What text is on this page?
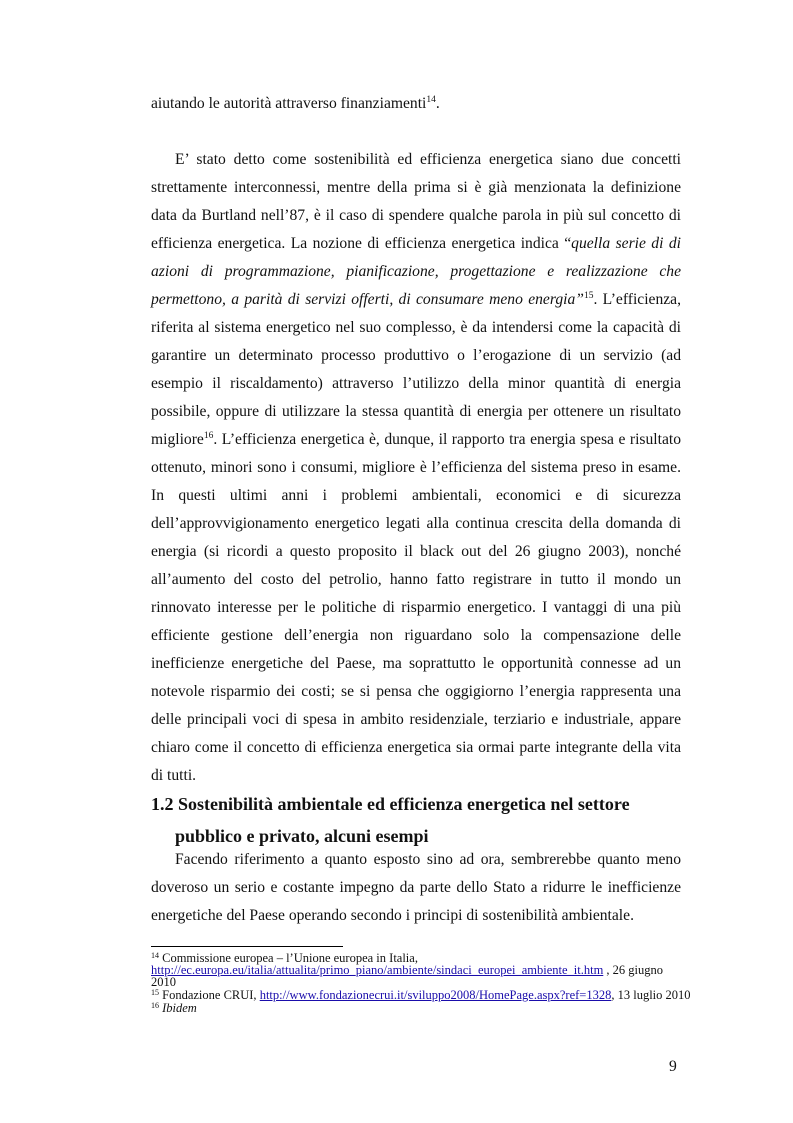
aiutando le autorità attraverso finanziamenti$^{14}$.

E’ stato detto come sostenibilità ed efficienza energetica siano due concetti strettamente interconnessi, mentre della prima si è già menzionata la definizione data da Burtland nell’87, è il caso di spendere qualche parola in più sul concetto di efficienza energetica. La nozione di efficienza energetica indica “quella serie di di azioni di programmazione, pianificazione, progettazione e realizzazione che permettono, a parità di servizi offerti, di consumare meno energia”$^{15}$. L’efficienza, riferita al sistema energetico nel suo complesso, è da intendersi come la capacità di garantire un determinato processo produttivo o l’erogazione di un servizio (ad esempio il riscaldamento) attraverso l’utilizzo della minor quantità di energia possibile, oppure di utilizzare la stessa quantità di energia per ottenere un risultato migliore$^{16}$. L’efficienza energetica è, dunque, il rapporto tra energia spesa e risultato ottenuto, minori sono i consumi, migliore è l’efficienza del sistema preso in esame. In questi ultimi anni i problemi ambientali, economici e di sicurezza dell’approvvigionamento energetico legati alla continua crescita della domanda di energia (si ricordi a questo proposito il black out del 26 giugno 2003), nonché all’aumento del costo del petrolio, hanno fatto registrare in tutto il mondo un rinnovato interesse per le politiche di risparmio energetico. I vantaggi di una più efficiente gestione dell’energia non riguardano solo la compensazione delle inefficienze energetiche del Paese, ma soprattutto le opportunità connesse ad un notevole risparmio dei costi; se si pensa che oggigiorno l’energia rappresenta una delle principali voci di spesa in ambito residenziale, terziario e industriale, appare chiaro come il concetto di efficienza energetica sia ormai parte integrante della vita di tutti.

1.2 Sostenibilità ambientale ed efficienza energetica nel settore
pubblico e privato, alcuni esempi

Facendo riferimento a quanto esposto sino ad ora, sembrerebbe quanto meno doveroso un serio e costante impegno da parte dello Stato a ridurre le inefficienze energetiche del Paese operando secondo i principi di sostenibilità ambientale.

$^{14}$ Commissione europea – l’Unione europea in Italia,
http://ec.europa.eu/italia/attualita/primo_piano/ambiente/sindaci_europei_ambiente_it.htm , 26 giugno 2010
$^{15}$ Fondazione CRUI, http://www.fondazionecrui.it/sviluppo2008/HomePage.aspx?ref=1328, 13 luglio 2010
$^{16}$ Ibidem
9
